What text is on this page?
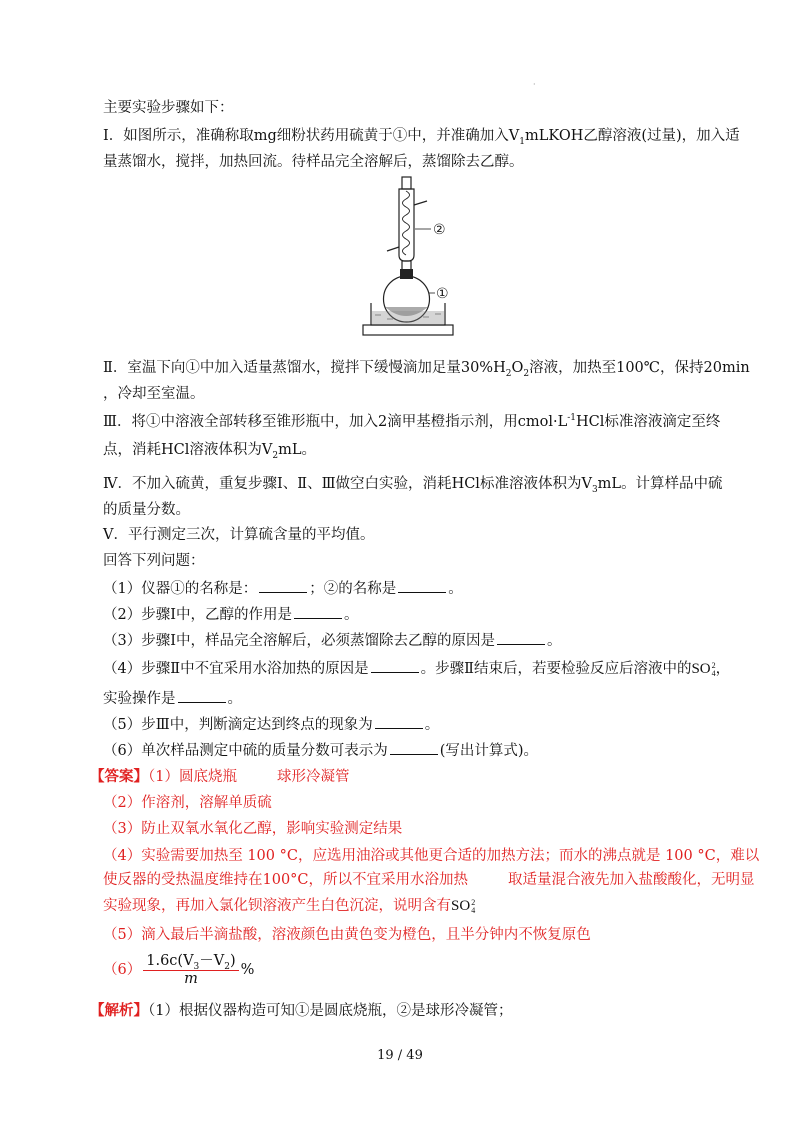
·
主要实验步骤如下：
Ⅰ．如图所示，准确称取mg细粉状药用硫黄于①中，并准确加入$V_1mLKOH$乙醇溶液(过量)，加入适
量蒸馏水，搅拌，加热回流。待样品完全溶解后，蒸馏除去乙醇。
②
①
Ⅱ．室温下向①中加入适量蒸馏水，搅拌下缓慢滴加足量$30\%H_2O_2$溶液，加热至100℃，保持20min
，冷却至室温。
Ⅲ．将①中溶液全部转移至锥形瓶中，加入2滴甲基橙指示剂，用$cmol\cdot L^{-1}HCl$标准溶液滴定至终
点，消耗HCl溶液体积为$V_2mL$。
Ⅳ．不加入硫黄，重复步骤Ⅰ、Ⅱ、Ⅲ做空白实验，消耗HCl标准溶液体积为$V_3mL$。计算样品中硫
的质量分数。
Ⅴ．平行测定三次，计算硫含量的平均值。
回答下列问题：
（1）仪器①的名称是：	；②的名称是	。
（2）步骤Ⅰ中，乙醇的作用是	。
（3）步骤Ⅰ中，样品完全溶解后，必须蒸馏除去乙醇的原因是	。
（4）步骤Ⅱ中不宜采用水浴加热的原因是	。步骤Ⅱ结束后，若要检验反应后溶液中的SO2
4，
实验操作是	。
（5）步Ⅲ中，判断滴定达到终点的现象为	。
（6）单次样品测定中硫的质量分数可表示为	(写出计算式)。
【答案】（1）圆底烧瓶	球形冷凝管
（2）作溶剂，溶解单质硫
（3）防止双氧水氧化乙醇，影响实验测定结果
（4）实验需要加热至 100 °C，应选用油浴或其他更合适的加热方法；而水的沸点就是 100 °C，难以
使反器的受热温度维持在100°C，所以不宜采用水浴加热	取适量混合液先加入盐酸酸化，无明显
实验现象，再加入氯化钡溶液产生白色沉淀，说明含有SO2
4
（5）滴入最后半滴盐酸，溶液颜色由黄色变为橙色，且半分钟内不恢复原色
$(6) \frac{1.6c(V_3-V_2)}{m}$ %
【解析】（1）根据仪器构造可知①是圆底烧瓶，②是球形冷凝管；
19 / 49
